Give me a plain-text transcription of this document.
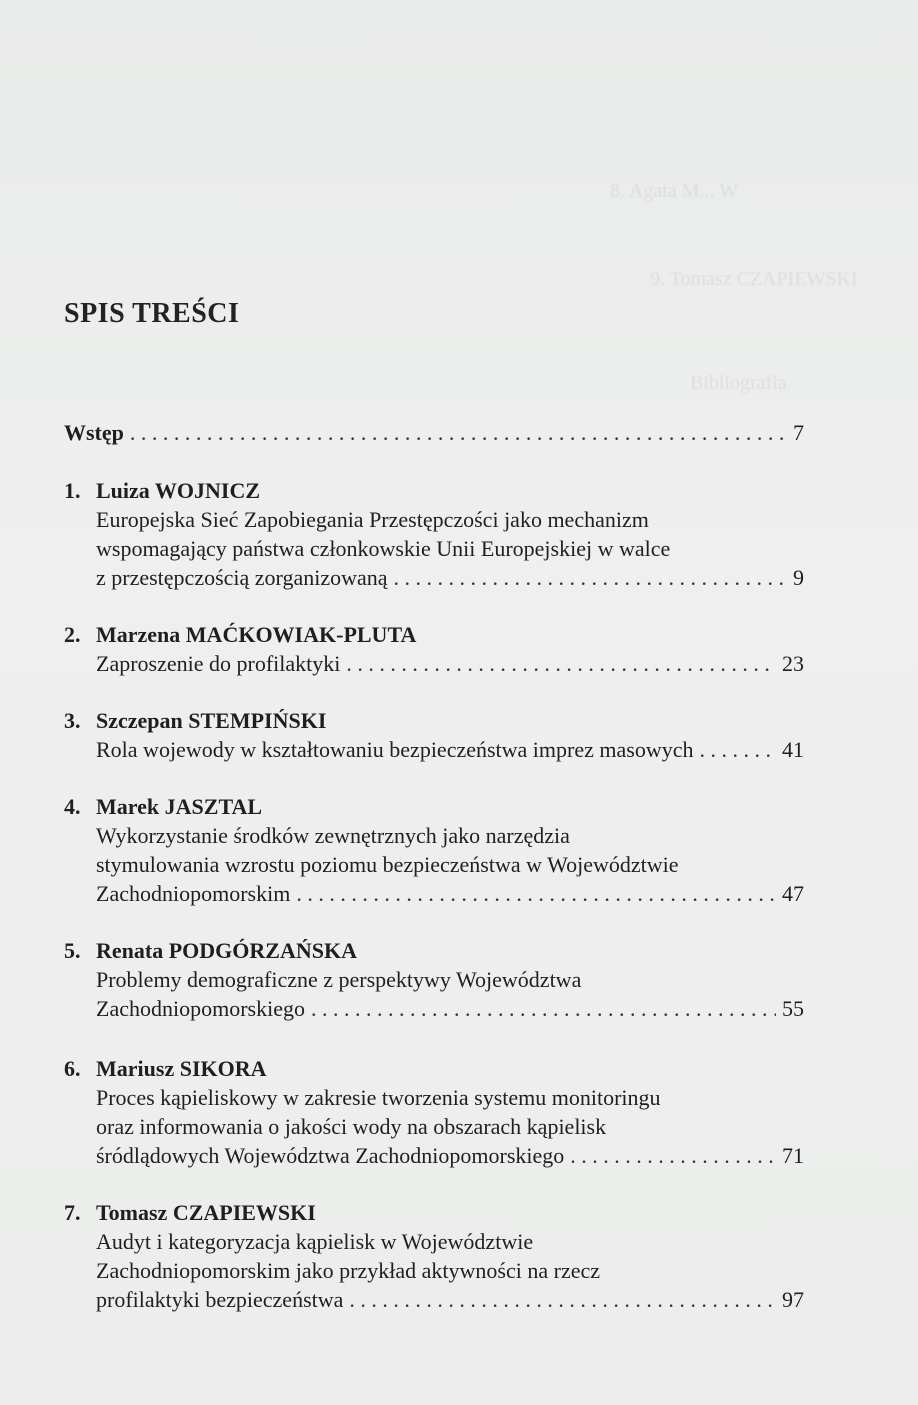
8. Agata M... W
9. Tomasz CZAPIEWSKI
Bibliografia
SPIS TREŚCI
Wstęp . . .	7
1. Luiza WOJNICZ
Europejska Sieć Zapobiegania Przestępczości jako mechanizm
wspomagający państwa członkowskie Unii Europejskiej w walce
z przestępczością zorganizowaną . . .	9
2. Marzena MAĆKOWIAK-PLUTA
Zaproszenie do profilaktyki . . .	23
3. Szczepan STEMPIŃSKI
Rola wojewody w kształtowaniu bezpieczeństwa imprez masowych . . .	41
4. Marek JASZTAL
Wykorzystanie środków zewnętrznych jako narzędzia
stymulowania wzrostu poziomu bezpieczeństwa w Województwie
Zachodniopomorskim . . .	47
5. Renata PODGÓRZAŃSKA
Problemy demograficzne z perspektywy Województwa
Zachodniopomorskiego . . .	55
6. Mariusz SIKORA
Proces kąpieliskowy w zakresie tworzenia systemu monitoringu
oraz informowania o jakości wody na obszarach kąpielisk
śródlądowych Województwa Zachodniopomorskiego . . .	71
7. Tomasz CZAPIEWSKI
Audyt i kategoryzacja kąpielisk w Województwie
Zachodniopomorskim jako przykład aktywności na rzecz
profilaktyki bezpieczeństwa . . .	97
